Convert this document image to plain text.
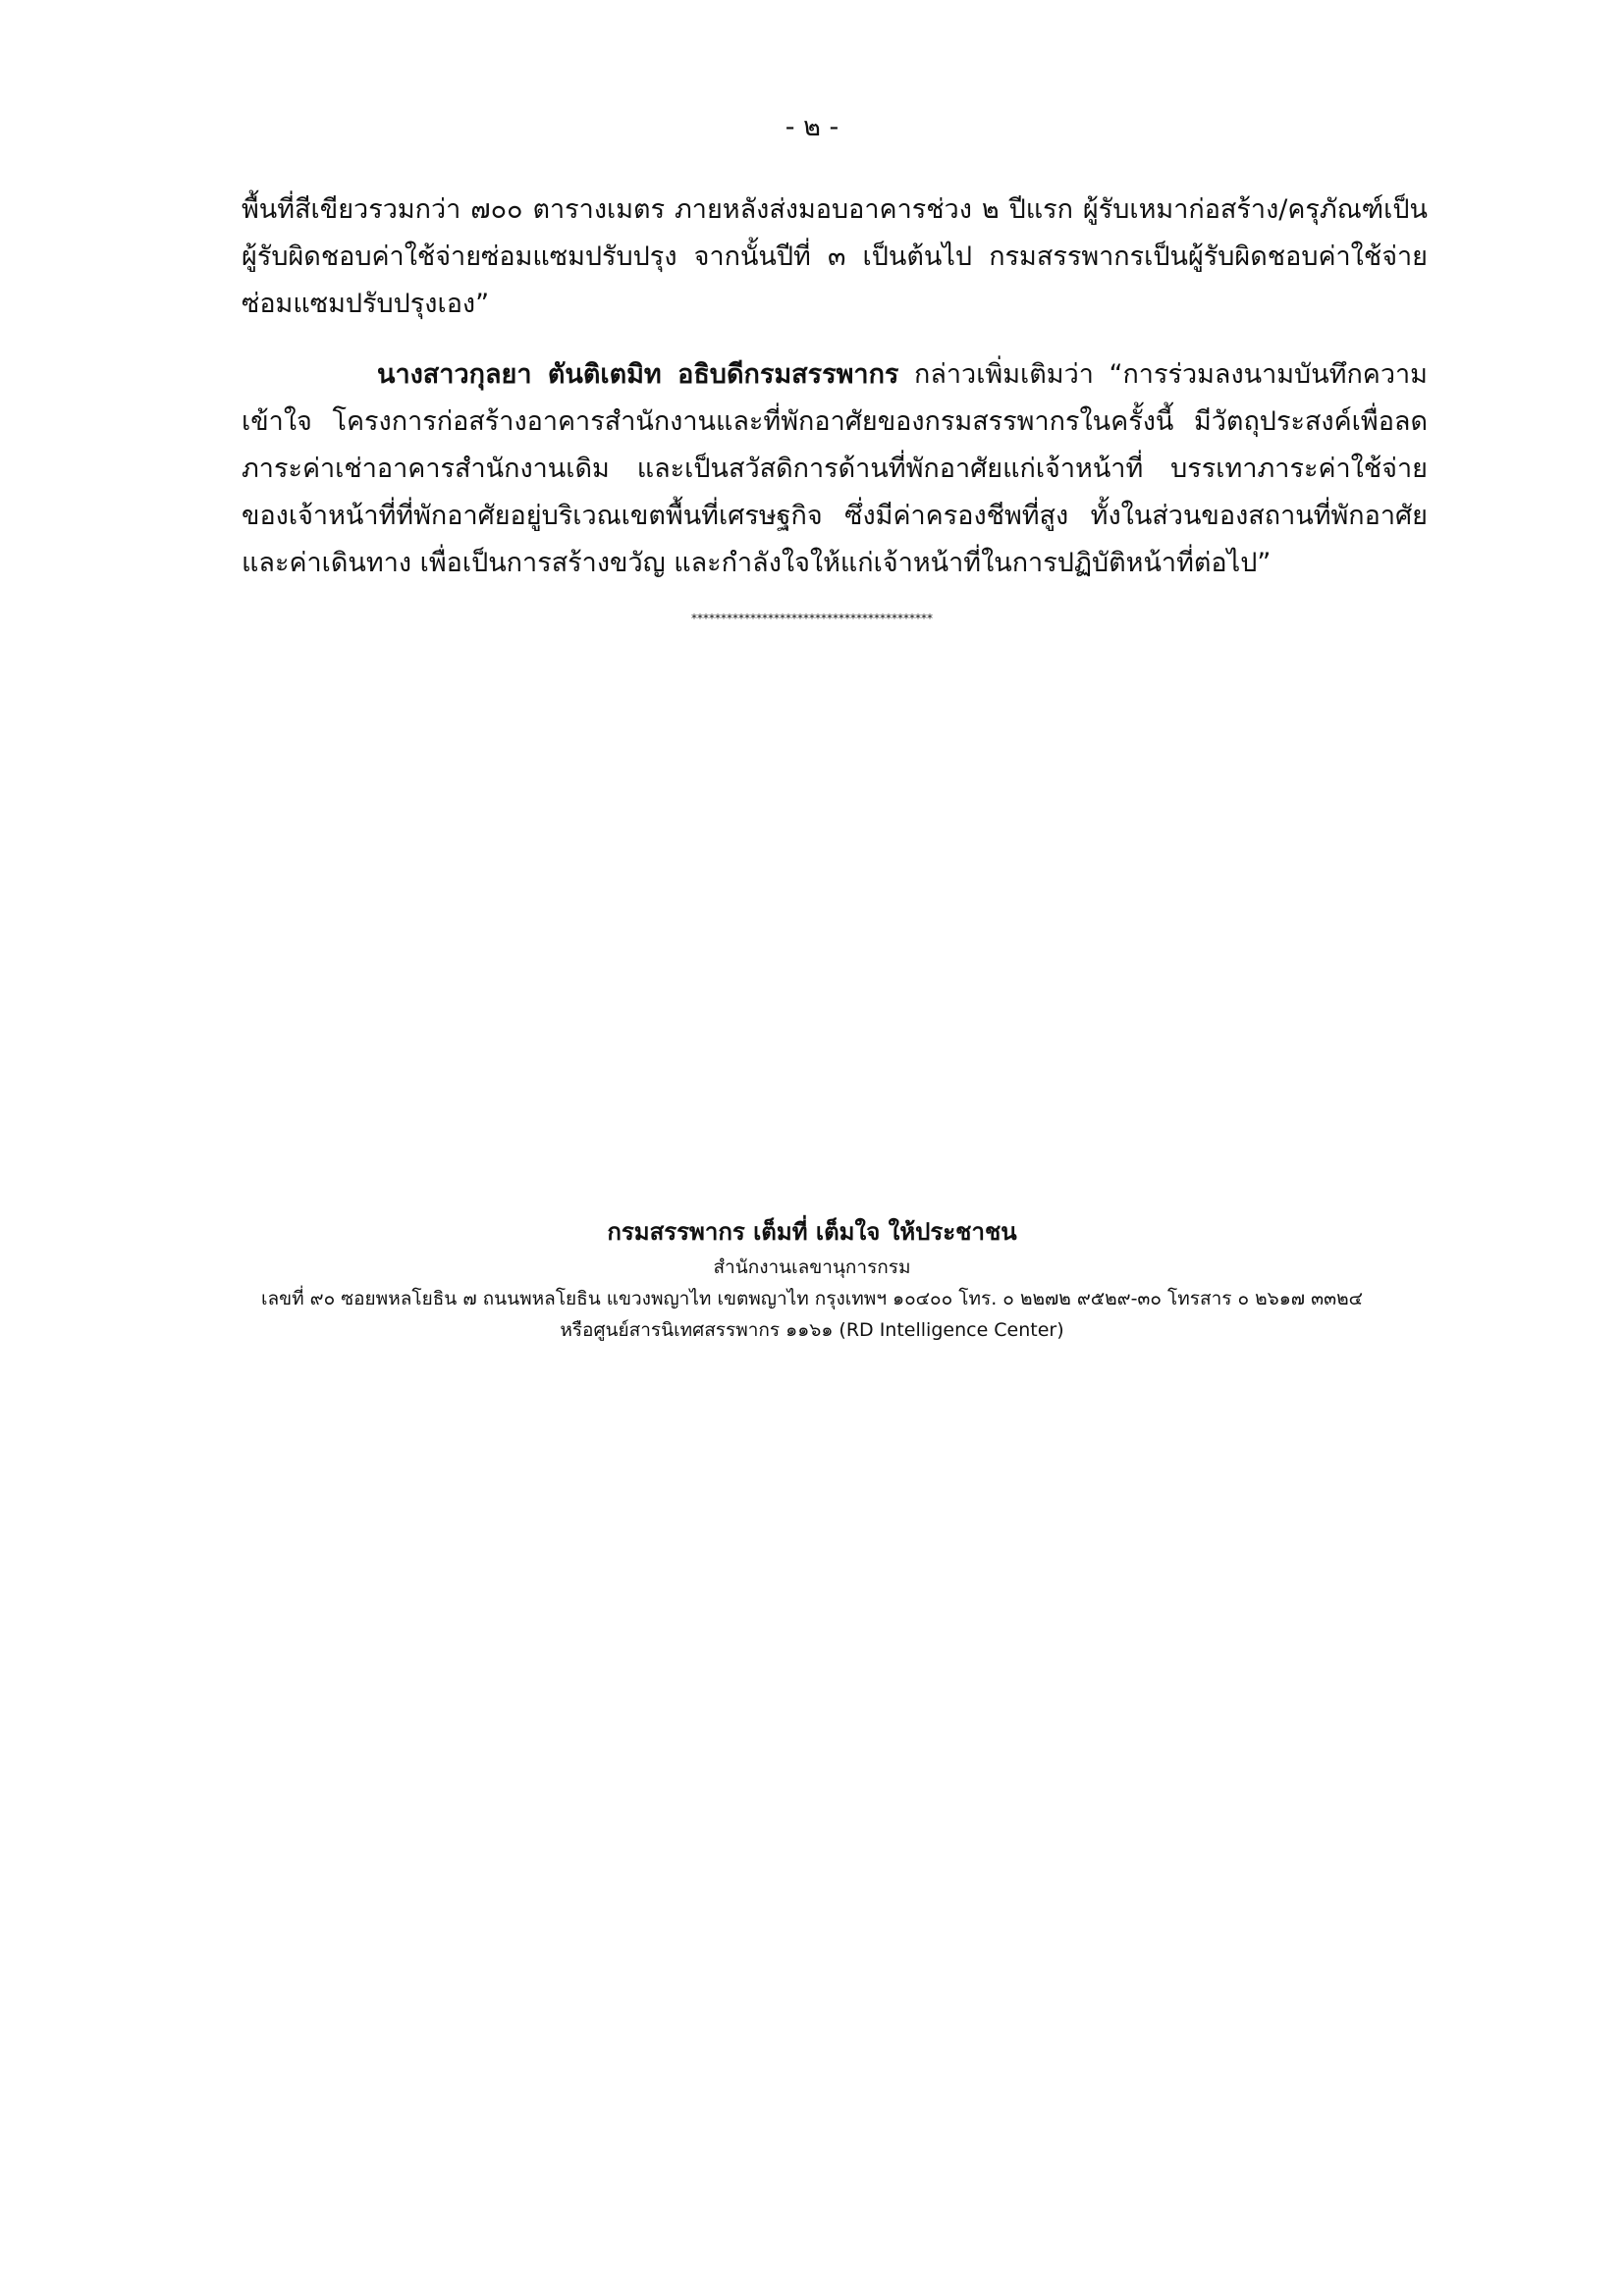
- ๒ -

พื้นที่สีเขียวรวมกว่า ๗๐๐ ตารางเมตร ภายหลังส่งมอบอาคารช่วง ๒ ปีแรก ผู้รับเหมาก่อสร้าง/ครุภัณฑ์เป็นผู้รับผิดชอบค่าใช้จ่ายซ่อมแซมปรับปรุง จากนั้นปีที่ ๓ เป็นต้นไป กรมสรรพากรเป็นผู้รับผิดชอบค่าใช้จ่ายซ่อมแซมปรับปรุงเอง”

นางสาวกุลยา ตันติเตมิท อธิบดีกรมสรรพากร กล่าวเพิ่มเติมว่า “การร่วมลงนามบันทึกความเข้าใจ โครงการก่อสร้างอาคารสำนักงานและที่พักอาศัยของกรมสรรพากรในครั้งนี้ มีวัตถุประสงค์เพื่อลดภาระค่าเช่าอาคารสำนักงานเดิม และเป็นสวัสดิการด้านที่พักอาศัยแก่เจ้าหน้าที่ บรรเทาภาระค่าใช้จ่ายของเจ้าหน้าที่ที่พักอาศัยอยู่บริเวณเขตพื้นที่เศรษฐกิจ ซึ่งมีค่าครองชีพที่สูง ทั้งในส่วนของสถานที่พักอาศัย และค่าเดินทาง เพื่อเป็นการสร้างขวัญ และกำลังใจให้แก่เจ้าหน้าที่ในการปฏิบัติหน้าที่ต่อไป”

*****************************************

กรมสรรพากร เต็มที่ เต็มใจ ให้ประชาชน

สำนักงานเลขานุการกรม

เลขที่ ๙๐ ซอยพหลโยธิน ๗ ถนนพหลโยธิน แขวงพญาไท เขตพญาไท กรุงเทพฯ ๑๐๔๐๐ โทร. ๐ ๒๒๗๒ ๙๕๒๙-๓๐ โทรสาร ๐ ๒๖๑๗ ๓๓๒๔

หรือศูนย์สารนิเทศสรรพากร ๑๑๖๑ (RD Intelligence Center)
